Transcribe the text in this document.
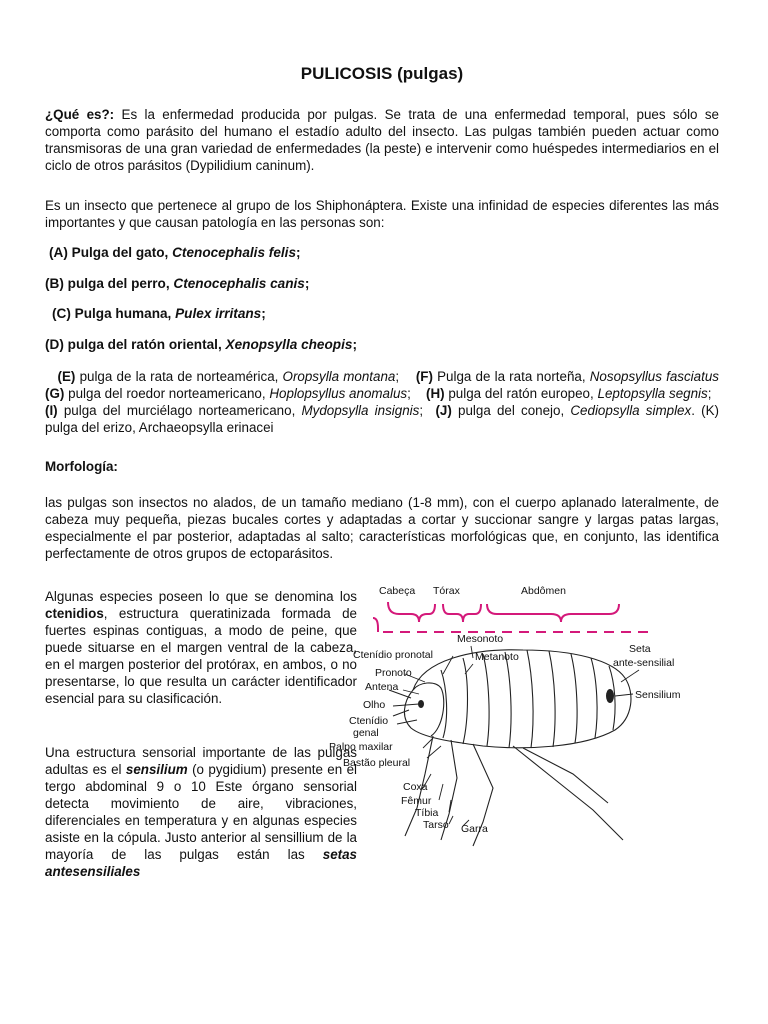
PULICOSIS (pulgas)

¿Qué es?: Es la enfermedad producida por pulgas. Se trata de una enfermedad temporal, pues sólo se comporta como parásito del humano el estadío adulto del insecto. Las pulgas también pueden actuar como transmisoras de una gran variedad de enfermedades (la peste) e intervenir como huéspedes intermediarios en el ciclo de otros parásitos (Dypilidium caninum).

Es un insecto que pertenece al grupo de los Shiphonáptera. Existe una infinidad de especies diferentes las más importantes y que causan patología en las personas son:

(A) Pulga del gato, Ctenocephalis felis;

(B) pulga del perro, Ctenocephalis canis;

(C) Pulga humana, Pulex irritans;

(D) pulga del ratón oriental, Xenopsylla cheopis;

(E) pulga de la rata de norteamérica, Oropsylla montana; (F) Pulga de la rata norteña, Nosopsyllus fasciatus (G) pulga del roedor norteamericano, Hoplopsyllus anomalus; (H) pulga del ratón europeo, Leptopsylla segnis;   (I) pulga del murciélago norteamericano, Mydopsylla insignis; (J) pulga del conejo, Cediopsylla simplex. (K) pulga del erizo, Archaeopsylla erinacei

Morfología:

las pulgas son insectos no alados, de un tamaño mediano (1-8 mm), con el cuerpo aplanado lateralmente, de cabeza muy pequeña, piezas bucales cortes y adaptadas a cortar y succionar sangre y largas patas largas, especialmente el par posterior, adaptadas al salto; características morfológicas que, en conjunto, las identifica perfectamente de otros grupos de ectoparásitos.

Algunas especies poseen lo que se denomina los ctenidios, estructura queratinizada formada de fuertes espinas contiguas, a modo de peine, que puede situarse en el margen ventral de la cabeza, en el margen posterior del protórax, en ambos, o no presentarse, lo que resulta un carácter identificador esencial para su clasificación.

Una estructura sensorial importante de las pulgas adultas es el sensilium (o pygidium) presente en el tergo abdominal 9 o 10 Este órgano sensorial detecta movimiento de aire, vibraciones, diferenciales en temperatura y en algunas especies asiste en la cópula. Justo anterior al sensillium de la mayoría de las pulgas están las setas antesensiliales

Cabeça Tórax	Abdômen
Mesonoto
Ctenídio pronotal	Metanoto
Seta
ante-sensilial
Pronoto
Antena
Sensilium
Olho
Ctenídio
genal
Palpo maxilar
Bastão pleural
Coxa
Fêmur
Tíbia
Tarso Garra
